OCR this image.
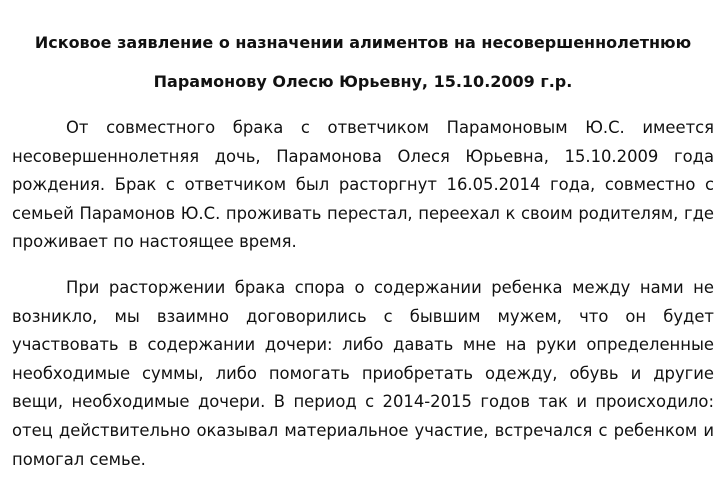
Исковое заявление о назначении алиментов на несовершеннолетнюю

Парамонову Олесю Юрьевну, 15.10.2009 г.р.

От совместного брака с ответчиком Парамоновым Ю.С. имеется несовершеннолетняя дочь, Парамонова Олеся Юрьевна, 15.10.2009 года рождения. Брак с ответчиком был расторгнут 16.05.2014 года, совместно с семьей Парамонов Ю.С. проживать перестал, переехал к своим родителям, где проживает по настоящее время.

При расторжении брака спора о содержании ребенка между нами не возникло, мы взаимно договорились с бывшим мужем, что он будет участвовать в содержании дочери: либо давать мне на руки определенные необходимые суммы, либо помогать приобретать одежду, обувь и другие вещи, необходимые дочери. В период с 2014-2015 годов так и происходило: отец действительно оказывал материальное участие, встречался с ребенком и помогал семье.
